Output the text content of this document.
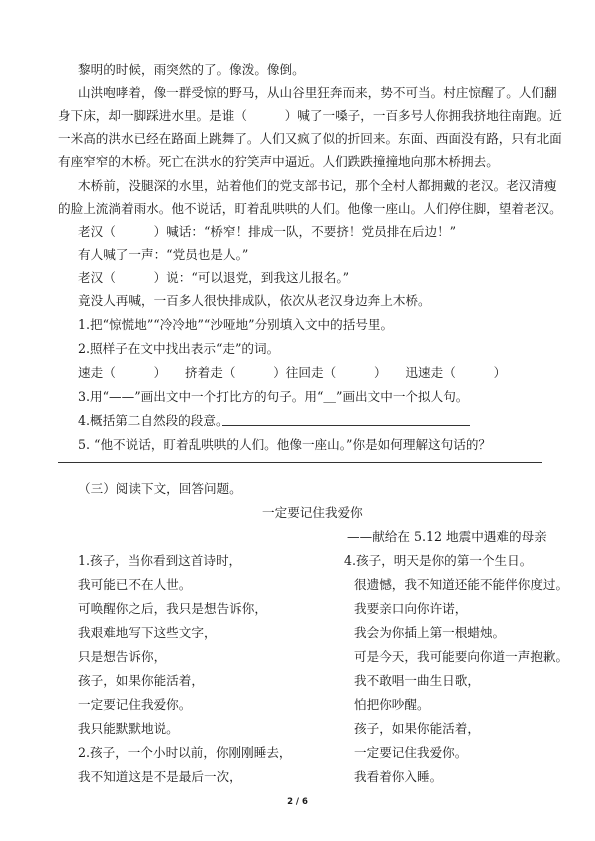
黎明的时候，雨突然的了。像泼。像倒。
山洪咆哮着，像一群受惊的野马，从山谷里狂奔而来，势不可当。村庄惊醒了。人们翻
身下床，却一脚踩进水里。是谁（　　　）喊了一嗓子，一百多号人你拥我挤地往南跑。近
一米高的洪水已经在路面上跳舞了。人们又疯了似的折回来。东面、西面没有路，只有北面
有座窄窄的木桥。死亡在洪水的狞笑声中逼近。人们跌跌撞撞地向那木桥拥去。
木桥前，没腿深的水里，站着他们的党支部书记，那个全村人都拥戴的老汉。老汉清瘦
的脸上流淌着雨水。他不说话，盯着乱哄哄的人们。他像一座山。人们停住脚，望着老汉。
老汉（　　　）喊话：“桥窄！排成一队，不要挤！党员排在后边！”
有人喊了一声：“党员也是人。”
老汉（　　　）说：“可以退党，到我这儿报名。”
竟没人再喊，一百多人很快排成队，依次从老汉身边奔上木桥。
1.把“惊慌地”“冷冷地”“沙哑地”分别填入文中的括号里。
2.照样子在文中找出表示“走”的词。
速走（　　　）　　挤着走（　　　）往回走（　　　）　　迅速走（　　　）
3.用“——”画出文中一个打比方的句子。用“＿”画出文中一个拟人句。
4.概括第二自然段的段意。
（三）阅读下文，回答问题。
一定要记住我爱你
——献给在 5.12 地震中遇难的母亲
1.孩子，当你看到这首诗时，
我可能已不在人世。
可唤醒你之后，我只是想告诉你，
我艰难地写下这些文字，
只是想告诉你，
孩子，如果你能活着，
一定要记住我爱你。
我只能默默地说。
2.孩子，一个小时以前，你刚刚睡去，
我不知道这是不是最后一次，
4.孩子，明天是你的第一个生日。
很遗憾，我不知道还能不能伴你度过。
我要亲口向你许诺，
我会为你插上第一根蜡烛。
可是今天，我可能要向你道一声抱歉。
我不敢唱一曲生日歌，
怕把你吵醒。
孩子，如果你能活着，
一定要记住我爱你。
我看着你入睡。
2 / 6
5. “他不说话，盯着乱哄哄的人们。他像一座山。”你是如何理解这句话的？
